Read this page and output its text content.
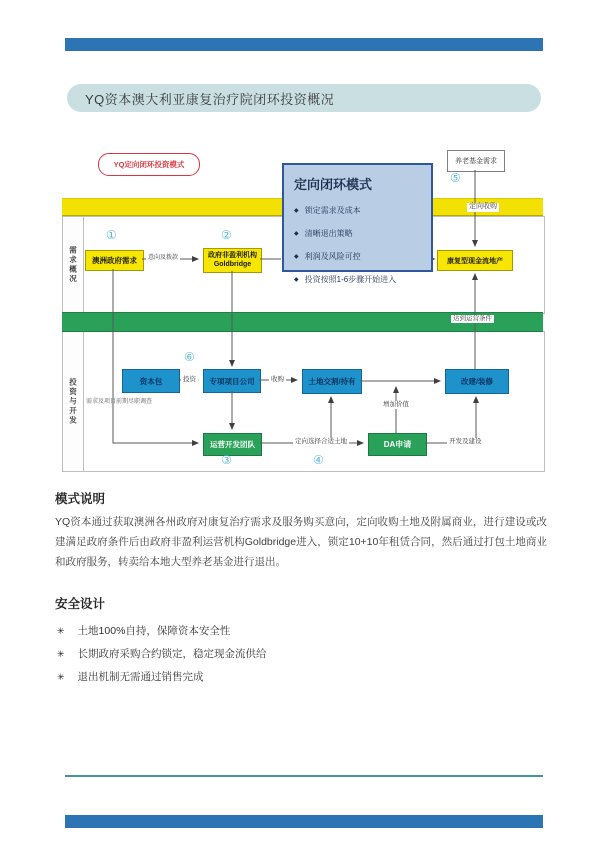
YQ资本澳大利亚康复治疗院闭环投资概况
YQ定向闭环投资模式
定向收购
需求概况
达到运营条件
投资与开发
①	②
⑤
⑥
③	④
养老基金需求
澳洲政府需求
政府非盈利机构
Goldbridge	康复型现金流地产
意向及拨款
定向闭环模式
◆ 锁定需求及成本
◆ 清晰退出策略
◆ 利润及风险可控
◆ 投资按照1-6步骤开始进入
资本包	专项项目公司	土地交割/持有	改建/装修
运营开发团队	DA申请
投资	收购
增加价值
定向选择合适土地	开发及建设
需求及项目前期尽职调查
模式说明
YQ资本通过获取澳洲各州政府对康复治疗需求及服务购买意向，定向收购土地及附属商业，进行建设或改建满足政府条件后由政府非盈利运营机构Goldbridge进入，锁定10+10年租赁合同，然后通过打包土地商业和政府服务，转卖给本地大型养老基金进行退出。
安全设计
✳ 土地100%自持，保障资本安全性
✳ 长期政府采购合约锁定，稳定现金流供给
✳ 退出机制无需通过销售完成
